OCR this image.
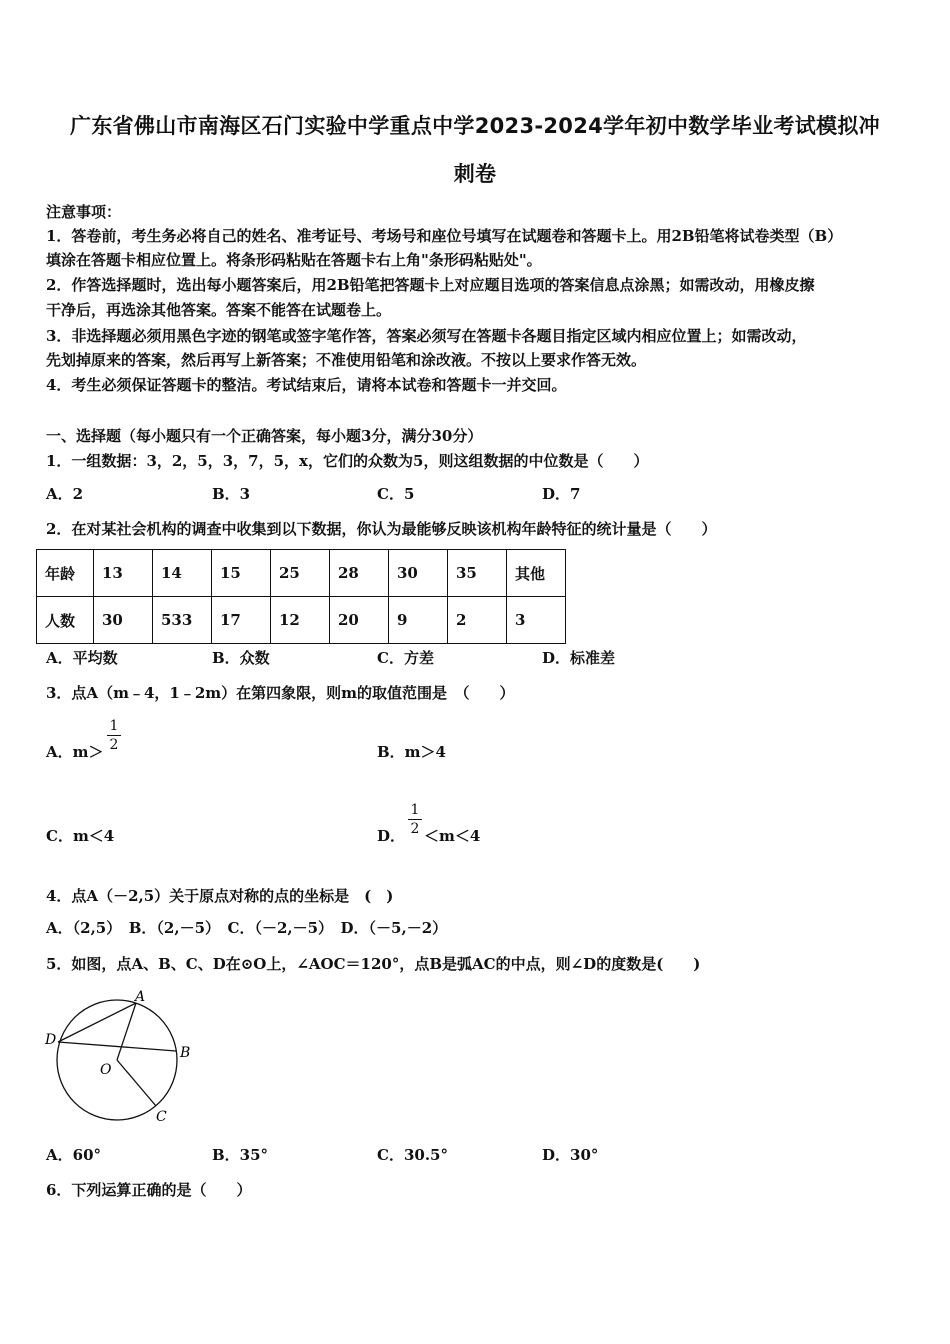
广东省佛山市南海区石门实验中学重点中学2023-2024学年初中数学毕业考试模拟冲
刺卷
注意事项：
1．答卷前，考生务必将自己的姓名、准考证号、考场号和座位号填写在试题卷和答题卡上。用2B铅笔将试卷类型（B）
填涂在答题卡相应位置上。将条形码粘贴在答题卡右上角"条形码粘贴处"。
2．作答选择题时，选出每小题答案后，用2B铅笔把答题卡上对应题目选项的答案信息点涂黑；如需改动，用橡皮擦
干净后，再选涂其他答案。答案不能答在试题卷上。
3．非选择题必须用黑色字迹的钢笔或签字笔作答，答案必须写在答题卡各题目指定区域内相应位置上；如需改动，
先划掉原来的答案，然后再写上新答案；不准使用铅笔和涂改液。不按以上要求作答无效。
4．考生必须保证答题卡的整洁。考试结束后，请将本试卷和答题卡一并交回。
一、选择题（每小题只有一个正确答案，每小题3分，满分30分）
1．一组数据：3，2，5，3，7，5，x，它们的众数为5，则这组数据的中位数是（　　）
A．2	B．3	C．5	D．7
2．在对某社会机构的调查中收集到以下数据，你认为最能够反映该机构年龄特征的统计量是（　　）
年龄	13	14	15	25	28	30	35	其他
人数	30	533	17	12	20	9	2	3
A．平均数	B．众数	C．方差	D．标准差
3．点A（m﹣4，1﹣2m）在第四象限，则m的取值范围是　（　　）
A．m＞
1
2	B．m＞4
C．m＜4	D．
1
2 ＜m＜4
4．点A（－2,5）关于原点对称的点的坐标是　(　)
A．（2,5）　B．（2,－5）　C．（－2,－5）　D．（－5,－2）
5．如图，点A、B、C、D在⊙O上，∠AOC＝120°，点B是弧AC的中点，则∠D的度数是(　　)
A
B
C
D
O
A．60°	B．35°	C．30.5°	D．30°
6．下列运算正确的是（　　）
